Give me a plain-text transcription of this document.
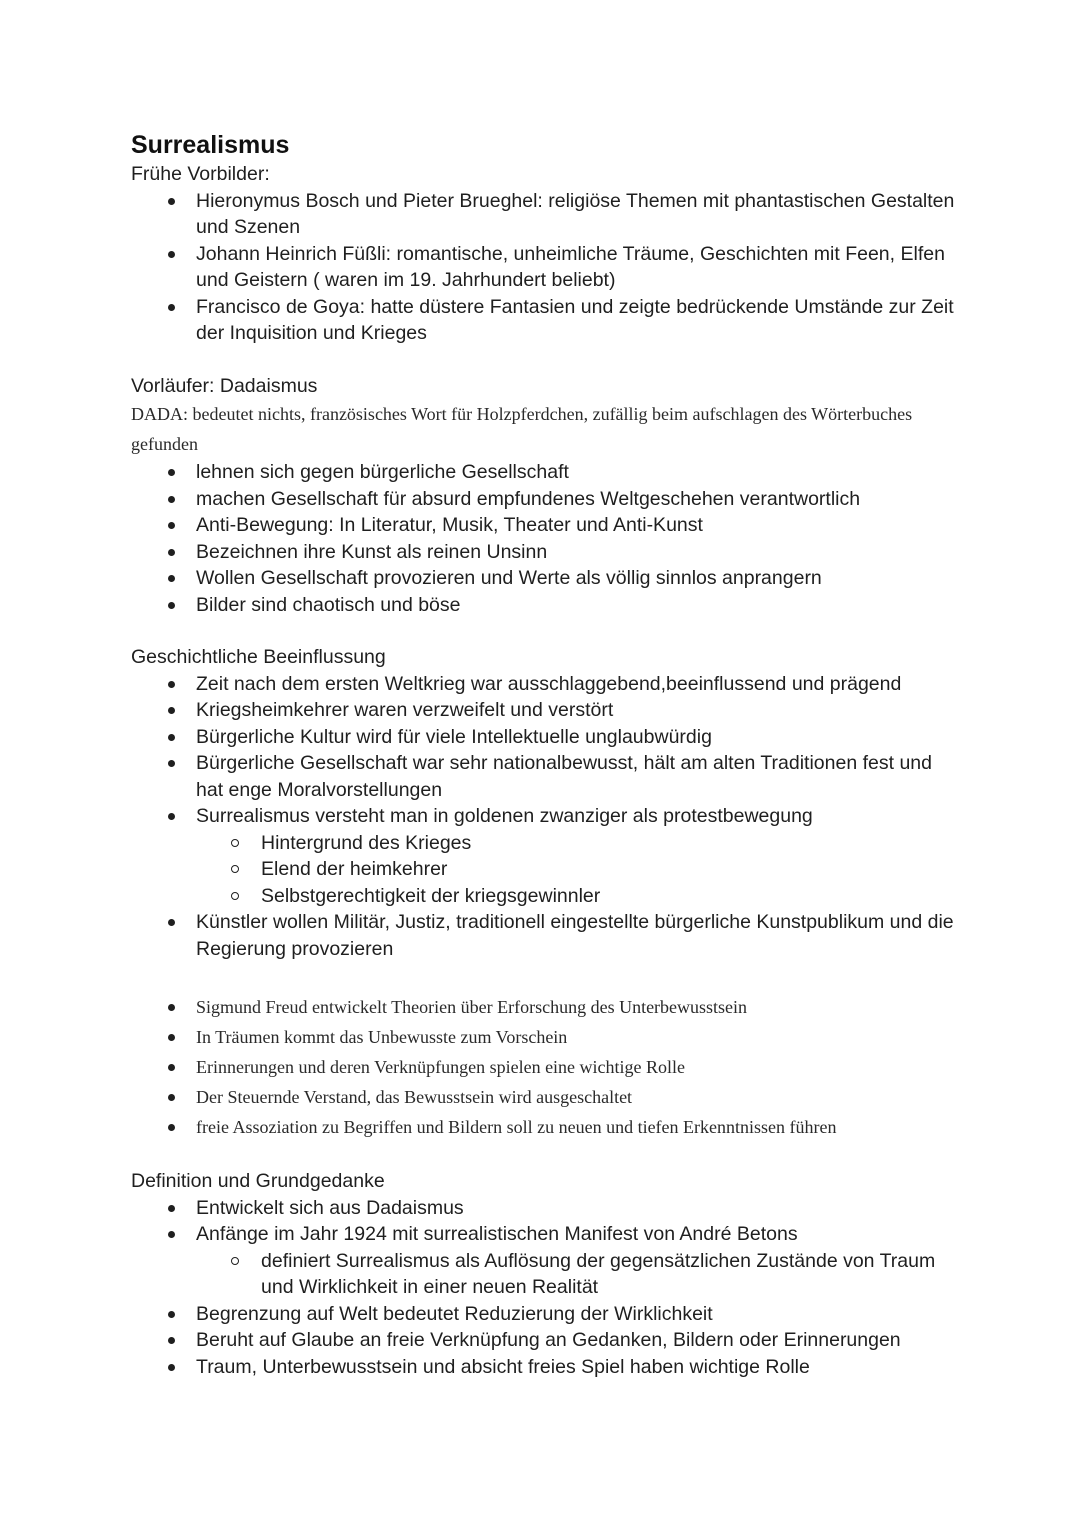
Surrealismus
Frühe Vorbilder:
Hieronymus Bosch und Pieter Brueghel: religiöse Themen mit phantastischen Gestalten und Szenen
Johann Heinrich Füßli: romantische, unheimliche Träume, Geschichten mit Feen, Elfen und Geistern ( waren im 19. Jahrhundert beliebt)
Francisco de Goya: hatte düstere Fantasien und zeigte bedrückende Umstände zur Zeit der Inquisition und Krieges
Vorläufer: Dadaismus

DADA: bedeutet nichts, französisches Wort für Holzpferdchen, zufällig beim aufschlagen des Wörterbuches gefunden

lehnen sich gegen bürgerliche Gesellschaft
machen Gesellschaft für absurd empfundenes Weltgeschehen verantwortlich
Anti-Bewegung: In Literatur, Musik, Theater und Anti-Kunst
Bezeichnen ihre Kunst als reinen Unsinn
Wollen Gesellschaft provozieren und Werte als völlig sinnlos anprangern
Bilder sind chaotisch und böse
Geschichtliche Beeinflussung
Zeit nach dem ersten Weltkrieg war ausschlaggebend,beeinflussend und prägend
Kriegsheimkehrer waren verzweifelt und verstört
Bürgerliche Kultur wird für viele Intellektuelle unglaubwürdig
Bürgerliche Gesellschaft war sehr nationalbewusst, hält am alten Traditionen fest und hat enge Moralvorstellungen
Surrealismus versteht man in goldenen zwanziger als protestbewegung
Hintergrund des Krieges
Elend der heimkehrer
Selbstgerechtigkeit der kriegsgewinnler
Künstler wollen Militär, Justiz, traditionell eingestellte bürgerliche Kunstpublikum und die Regierung provozieren
Sigmund Freud entwickelt Theorien über Erforschung des Unterbewusstsein
In Träumen kommt das Unbewusste zum Vorschein
Erinnerungen und deren Verknüpfungen spielen eine wichtige Rolle
Der Steuernde Verstand, das Bewusstsein wird ausgeschaltet
freie Assoziation zu Begriffen und Bildern soll zu neuen und tiefen Erkenntnissen führen
Definition und Grundgedanke
Entwickelt sich aus Dadaismus
Anfänge im Jahr 1924 mit surrealistischen Manifest von André Betons
definiert Surrealismus als Auflösung der gegensätzlichen Zustände von Traum und Wirklichkeit in einer neuen Realität
Begrenzung auf Welt bedeutet Reduzierung der Wirklichkeit
Beruht auf Glaube an freie Verknüpfung an Gedanken, Bildern oder Erinnerungen
Traum, Unterbewusstsein und absicht freies Spiel haben wichtige Rolle
